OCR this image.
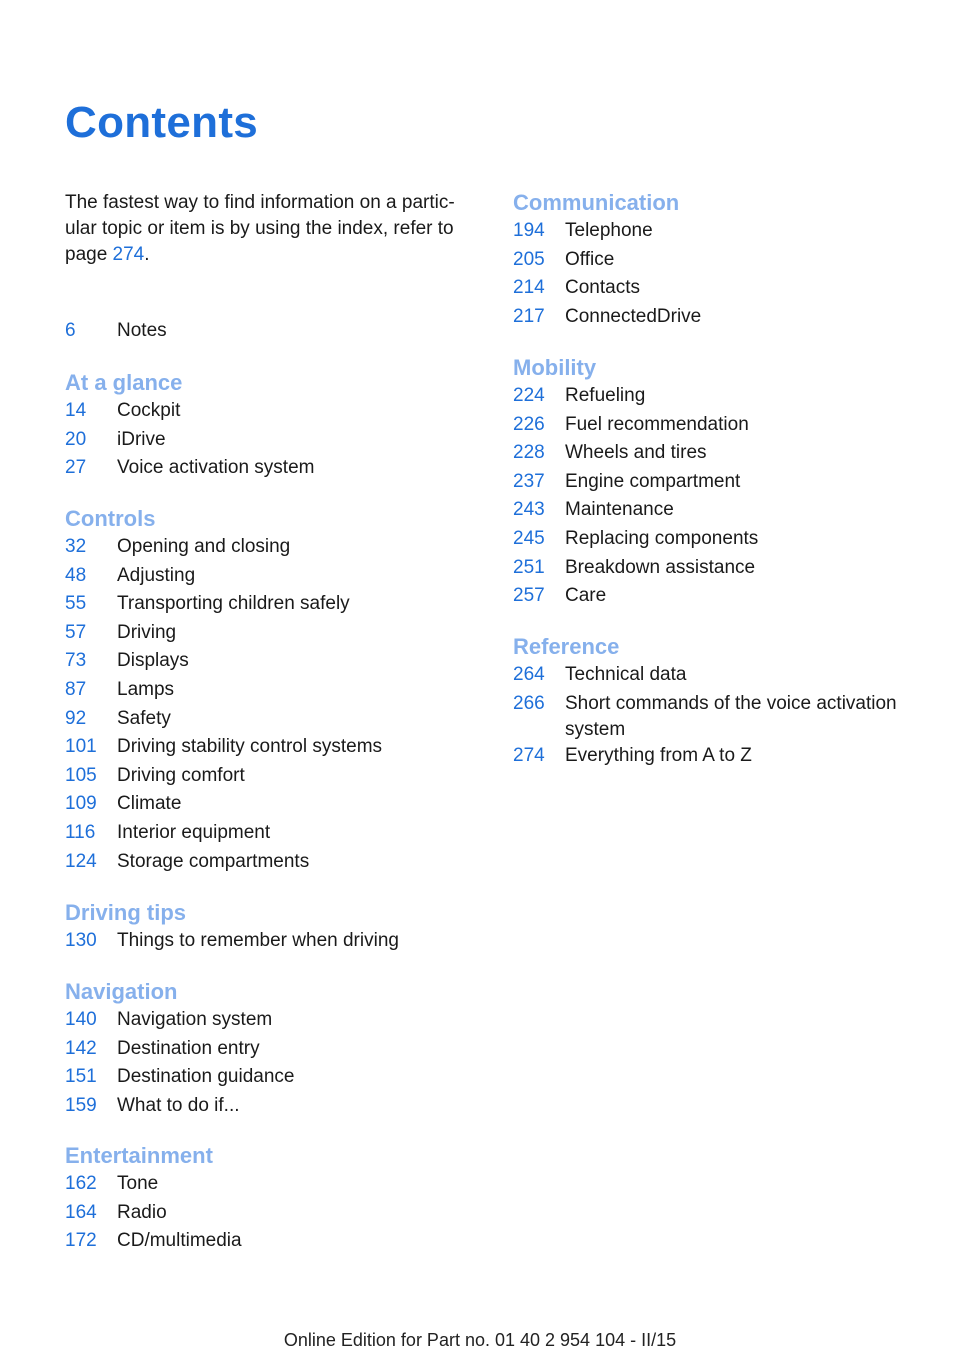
Contents

The fastest way to find information on a partic-ular topic or item is by using the index, refer to page 274.

6	Notes
At a glance
14	Cockpit
20	iDrive
27	Voice activation system
Controls
32	Opening and closing
48	Adjusting
55	Transporting children safely
57	Driving
73	Displays
87	Lamps
92	Safety
101	Driving stability control systems
105	Driving comfort
109	Climate
116	Interior equipment
124	Storage compartments
Driving tips
130	Things to remember when driving
Navigation
140	Navigation system
142	Destination entry
151	Destination guidance
159	What to do if...
Entertainment
162	Tone
164	Radio
172	CD/multimedia
Communication
194	Telephone
205	Office
214	Contacts
217	ConnectedDrive
Mobility
224	Refueling
226	Fuel recommendation
228	Wheels and tires
237	Engine compartment
243	Maintenance
245	Replacing components
251	Breakdown assistance
257	Care
Reference
264	Technical data
266	Short commands of the voice activation system
274	Everything from A to Z
Online Edition for Part no. 01 40 2 954 104 - II/15
